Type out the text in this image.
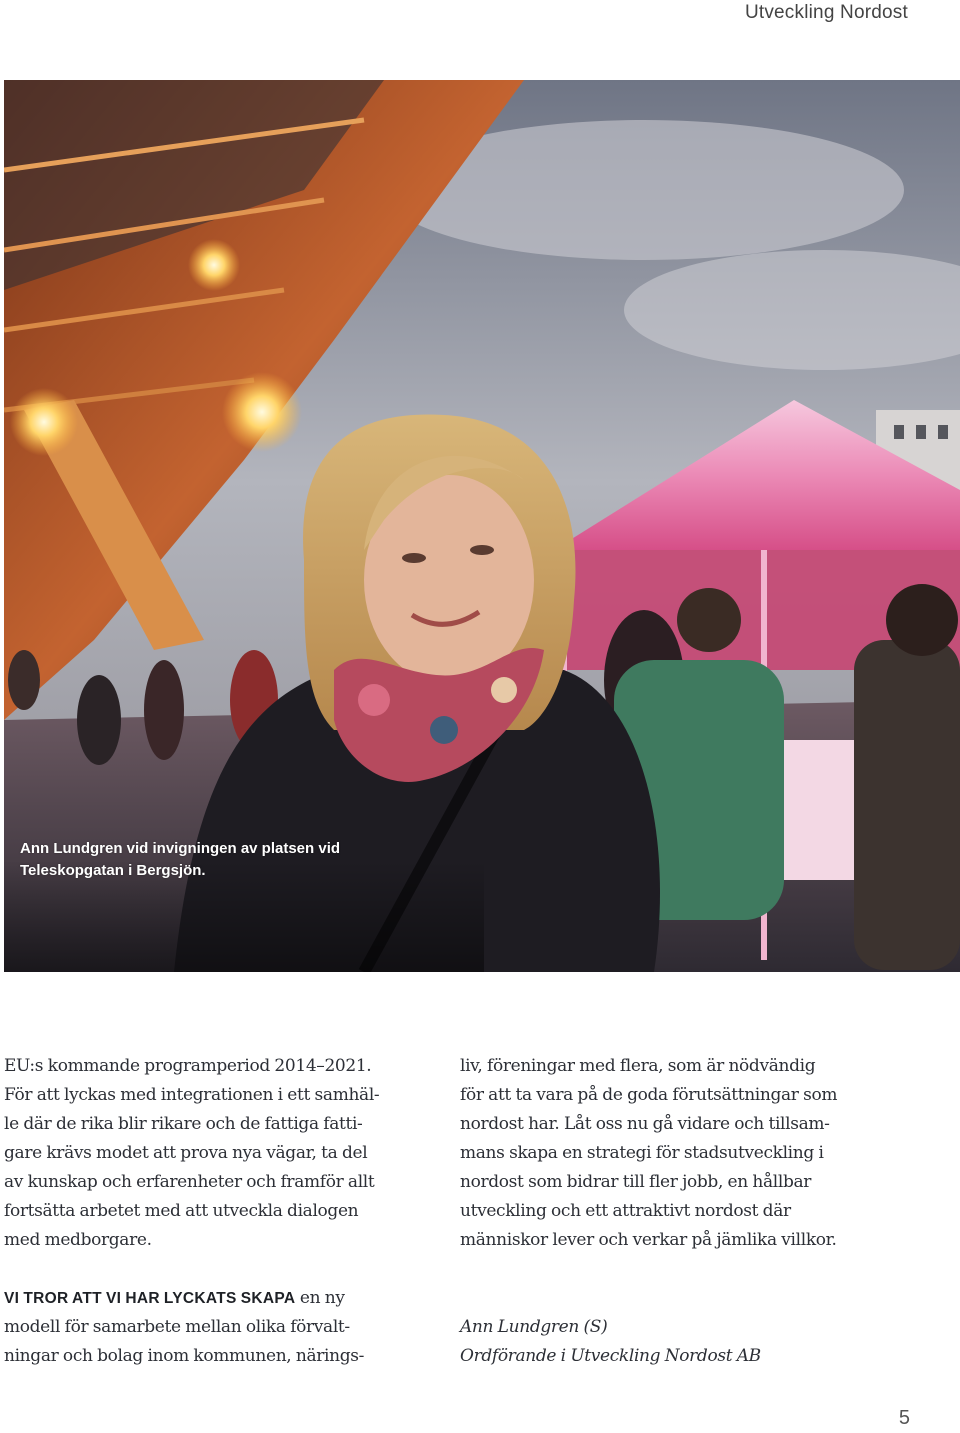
Utveckling Nordost
Ann Lundgren vid invigningen av platsen vid
Teleskopgatan i Bergsjön.
EU:s kommande programperiod 2014–2021.
För att lyckas med integrationen i ett samhäl-
le där de rika blir rikare och de fattiga fatti-
gare krävs modet att prova nya vägar, ta del
av kunskap och erfarenheter och framför allt
fortsätta arbetet med att utveckla dialogen
med medborgare.
VI TROR ATT VI HAR LYCKATS SKAPA en ny
modell för samarbete mellan olika förvalt-
ningar och bolag inom kommunen, närings-
liv, föreningar med flera, som är nödvändig
för att ta vara på de goda förutsättningar som
nordost har. Låt oss nu gå vidare och tillsam-
mans skapa en strategi för stadsutveckling i
nordost som bidrar till fler jobb, en hållbar
utveckling och ett attraktivt nordost där
människor lever och verkar på jämlika villkor.
Ann Lundgren (S)
Ordförande i Utveckling Nordost AB
5
